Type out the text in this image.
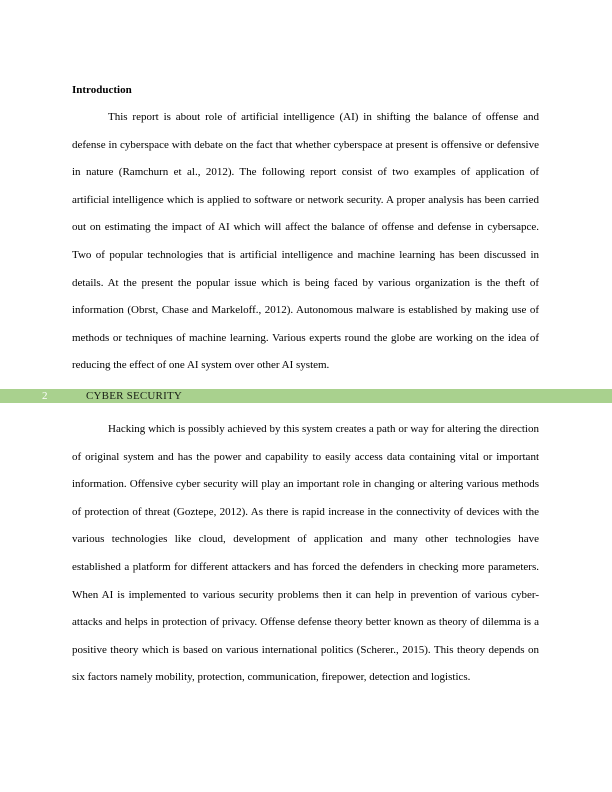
Introduction

This report is about role of artificial intelligence (AI) in shifting the balance of offense and defense in cyberspace with debate on the fact that whether cyberspace at present is offensive or defensive in nature (Ramchurn et al., 2012). The following report consist of two examples of application of artificial intelligence which is applied to software or network security. A proper analysis has been carried out on estimating the impact of AI which will affect the balance of offense and defense in cybersapce. Two of popular technologies that is artificial intelligence and machine learning has been discussed in details. At the present the popular issue which is being faced by various organization is the theft of information (Obrst, Chase and Markeloff., 2012). Autonomous malware is established by making use of methods or techniques of machine learning. Various experts round the globe are working on the idea of reducing the effect of one AI system over other AI system.

2	CYBER SECURITY

Hacking which is possibly achieved by this system creates a path or way for altering the direction of original system and has the power and capability to easily access data containing vital or important information. Offensive cyber security will play an important role in changing or altering various methods of protection of threat (Goztepe, 2012). As there is rapid increase in the connectivity of devices with the various technologies like cloud, development of application and many other technologies have established a platform for different attackers and has forced the defenders in checking more parameters. When AI is implemented to various security problems then it can help in prevention of various cyber-attacks and helps in protection of privacy. Offense defense theory better known as theory of dilemma is a positive theory which is based on various international politics (Scherer., 2015). This theory depends on six factors namely mobility, protection, communication, firepower, detection and logistics.
